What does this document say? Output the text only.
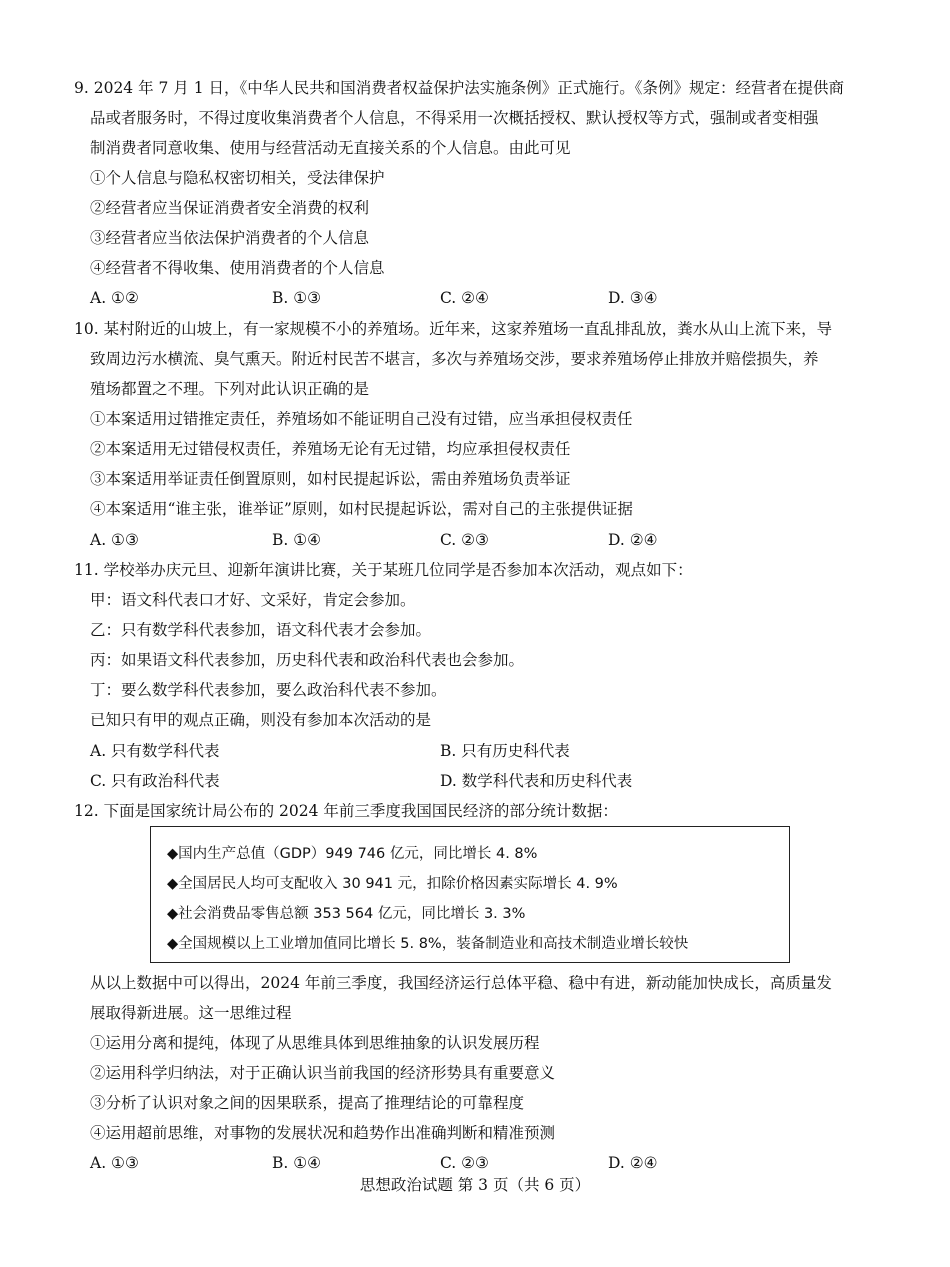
9. 2024 年 7 月 1 日，《中华人民共和国消费者权益保护法实施条例》正式施行。《条例》规定：经营者在提供商
品或者服务时，不得过度收集消费者个人信息，不得采用一次概括授权、默认授权等方式，强制或者变相强
制消费者同意收集、使用与经营活动无直接关系的个人信息。由此可见
①个人信息与隐私权密切相关，受法律保护
②经营者应当保证消费者安全消费的权利
③经营者应当依法保护消费者的个人信息
④经营者不得收集、使用消费者的个人信息
A. ①②	B. ①③	C. ②④	D. ③④
10. 某村附近的山坡上，有一家规模不小的养殖场。近年来，这家养殖场一直乱排乱放，粪水从山上流下来，导
致周边污水横流、臭气熏天。附近村民苦不堪言，多次与养殖场交涉，要求养殖场停止排放并赔偿损失，养
殖场都置之不理。下列对此认识正确的是
①本案适用过错推定责任，养殖场如不能证明自己没有过错，应当承担侵权责任
②本案适用无过错侵权责任，养殖场无论有无过错，均应承担侵权责任
③本案适用举证责任倒置原则，如村民提起诉讼，需由养殖场负责举证
④本案适用“谁主张，谁举证”原则，如村民提起诉讼，需对自己的主张提供证据
A. ①③	B. ①④	C. ②③	D. ②④
11. 学校举办庆元旦、迎新年演讲比赛，关于某班几位同学是否参加本次活动，观点如下：
甲：语文科代表口才好、文采好，肯定会参加。
乙：只有数学科代表参加，语文科代表才会参加。
丙：如果语文科代表参加，历史科代表和政治科代表也会参加。
丁：要么数学科代表参加，要么政治科代表不参加。
已知只有甲的观点正确，则没有参加本次活动的是
A. 只有数学科代表	B. 只有历史科代表
C. 只有政治科代表	D. 数学科代表和历史科代表
12. 下面是国家统计局公布的 2024 年前三季度我国国民经济的部分统计数据：
◆国内生产总值（GDP）949 746 亿元，同比增长 4. 8%
◆全国居民人均可支配收入 30 941 元，扣除价格因素实际增长 4. 9%
◆社会消费品零售总额 353 564 亿元，同比增长 3. 3%
◆全国规模以上工业增加值同比增长 5. 8%，装备制造业和高技术制造业增长较快
从以上数据中可以得出，2024 年前三季度，我国经济运行总体平稳、稳中有进，新动能加快成长，高质量发
展取得新进展。这一思维过程
①运用分离和提纯，体现了从思维具体到思维抽象的认识发展历程
②运用科学归纳法，对于正确认识当前我国的经济形势具有重要意义
③分析了认识对象之间的因果联系，提高了推理结论的可靠程度
④运用超前思维，对事物的发展状况和趋势作出准确判断和精准预测
A. ①③	B. ①④	C. ②③	D. ②④
思想政治试题 第 3 页（共 6 页）
